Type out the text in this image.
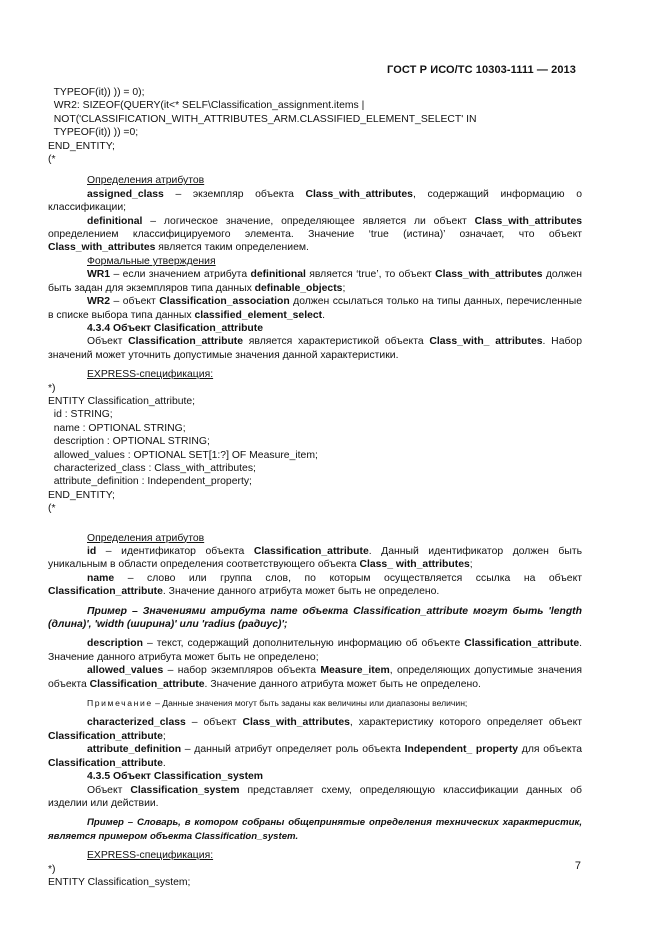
ГОСТ Р ИСО/ТС 10303-1111 — 2013
TYPEOF(it)) )) = 0);
WR2: SIZEOF(QUERY(it<* SELF\Classification_assignment.items |
NOT('CLASSIFICATION_WITH_ATTRIBUTES_ARM.CLASSIFIED_ELEMENT_SELECT' IN
TYPEOF(it)) )) =0;
END_ENTITY;
(*
Определения атрибутов

assigned_class – экземпляр объекта Class_with_attributes, содержащий информацию о классификации;

definitional – логическое значение, определяющее является ли объект Class_with_attributes определением классифицируемого элемента. Значение ‘true (истина)’ означает, что объект Class_with_attributes является таким определением.

Формальные утверждения

WR1 – если значением атрибута definitional является ‘true’, то объект Class_with_attributes должен быть задан для экземпляров типа данных definable_objects;

WR2 – объект Classification_association должен ссылаться только на типы данных, перечисленные в списке выбора типа данных classified_element_select.

4.3.4 Объект Clasification_attribute

Объект Classification_attribute является характеристикой объекта Class_with_ attributes. Набор значений может уточнить допустимые значения данной характеристики.

EXPRESS-спецификация:
*)
ENTITY Classification_attribute;
id : STRING;
name : OPTIONAL STRING;
description : OPTIONAL STRING;
allowed_values : OPTIONAL SET[1:?] OF Measure_item;
characterized_class : Class_with_attributes;
attribute_definition : Independent_property;
END_ENTITY;
(*
Определения атрибутов

id – идентификатор объекта Classification_attribute. Данный идентификатор должен быть уникальным в области определения соответствующего объекта Class_ with_attributes;

name – слово или группа слов, по которым осуществляется ссылка на объект Classification_attribute. Значение данного атрибута может быть не определено.

Пример – Значениями атрибута name объекта Classification_attribute могут быть 'length (длина)', 'width (ширина)' или 'radius (радиус)';

description – текст, содержащий дополнительную информацию об объекте Classification_attribute. Значение данного атрибута может быть не определено;

allowed_values – набор экземпляров объекта Measure_item, определяющих допустимые значения объекта Classification_attribute. Значение данного атрибута может быть не определено.

Примечание – Данные значения могут быть заданы как величины или диапазоны величин;

characterized_class – объект Class_with_attributes, характеристику которого определяет объект Classification_attribute;

attribute_definition – данный атрибут определяет роль объекта Independent_ property для объекта Classification_attribute.

4.3.5 Объект Classification_system

Объект Classification_system представляет схему, определяющую классификации данных об изделии или действии.

Пример – Словарь, в котором собраны общепринятые определения технических характеристик, является примером объекта Classification_system.

EXPRESS-спецификация:
*)
ENTITY Classification_system;
7
